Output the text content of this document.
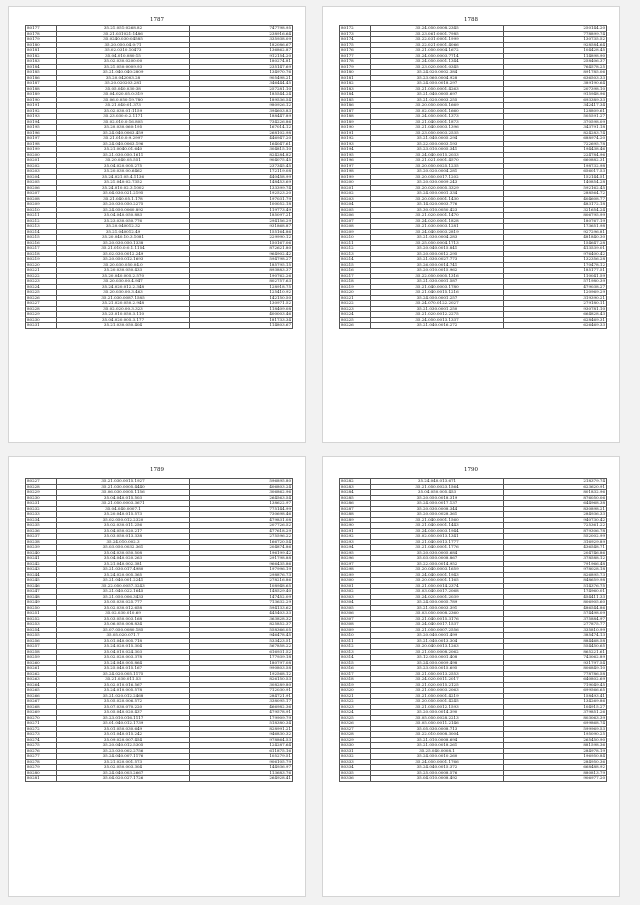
1787
80177	35.21.051:0268.82	747798.95
80178	35.21.031021:1486	238916.64
80179	35.0240.030:04585	335938.09
80180	35.20.050.04.0:71	182086.67
80181	35.02.0310.10473	136862.87
80182	35.04.010.080:15	912154.20
80183	35.02.030.0200:00	180274.81
80184	35.21.050:0009.93	235147.69
80185	35.21.040.040:2809	134970.76
80186	35.20.042003.28	905498.21
80187	35.20.020203.281	346444.45
80188	35.05.040.030:38	257281.10
80189	35.04.020.05.0:319	185544.24
80190	35.06.0.050:19.780	189536.54
80191	35.21.040:01.373	980926.12
80192	35.02.030.01:1159	394603.83
80193	35.23.030:0.2.1171	188447.89
80194	35.02.010.0:16.805	734226.86
80195	35.20.030.060:195	167014.12
80196	35.24.040.0063.459	268102.98
80197	35.21.010.0:9.2997	446947.20
80198	35.24.040.0063.196	164047.61
80199	35.21.0040.01.640	304815.10
80200	35.21.030.050.1611	824284.82
80201	35.20.040.05.551	904075.45
80202	35.04.020.005.275	237345.45
80203	35.20.030.00.6462	172119.08
80204	35.24.021.05.4.1136	440458.99
80205	35.21.040:02.7352	148453.69
80206	35.24.010.02.3.1002	133399.74
80207	35.04.030.021.2195	192523.20
80208	35.21.040.05.1.178	197031.79
80209	35.20.030.050.2275	100052.18
80210	35.24.050.0060.892	119773.49
80211	35.04.040.050.883	185097.21
80212	35.23.030.050.776	294156.29
80213	35.20.040012.32	931868.87
80214	35.21.040012.49	155164.86
80215	35.20.040.10.3.1081	229990.12
80216	35.20.030.050.1338	150167.06
80217	35.21.010.0:0.1.1154	872621.80
80218	35.02.030.0012.249	964902.42
80219	35.20.050.012.1693	594798.27
80220	35.20.030.050.04.0	185795.15
80221	35.20.030.050.433	893883.37
80222	35.20.040.005.2.570	190762.26
80223	35.20.030.00.4.947	802757.63
80224	35.24.020.012.2.348	128918.75
80225	35.20.030.00.3.463	125410.92
80226	35.21.030.0087.1585	142150.50
80227	35.21.020.050.2.948	130971.52
80228	35.02.020.00.3.323	118409.08
80229	35.23.010.050.3.110	400003.46
80230	35.04.020.005.3.177	181733.34
80231	35.21.030.050.404	114803.67
1788
80172	35.24.050.0008.2345	250144.20
80173	35.23.061:0001.7985	778899.74
80174	35.22.031:0001.1999	130735.52
80175	35.22.021:0001.4066	928584.64
80176	35.21.050.0004.1672	104428.45
80177	35.24.050.0003.7714	114898.90
80178	35.24.050.0001.1344	258406.37
80179	35.23.020.0001.0345	764578.25
80180	35.24.020.0002.384	891785.06
80181	35.23.060.0004.928	636503.33
80182	35.24.050.0018.297	389190.64
80183	35.21.050.0001.4263	207398.10
80184	35.21.040.0005.697	915948.96
80185	35.21.020.0003.255	693389.33
80186	35.20.050.0005.1669	342417.34
80187	35.02.050.0001.1660	128809.61
80188	35.24.050.0001.1373	505591.27
80189	35.21.040.0001.1873	370598.09
80190	35.21.040.0003.1396	343791.18
80191	35.23.050.0003.2535	824283.74
80192	35.21.040.0005.294	688974.20
80193	35.22.050.0003.193	722695.78
80194	35.23.010.0005.341	194438.46
80195	35.24.040.0015.2033	224784.96
80196	35.21.021.0001.4570	660882.31
80197	35.20.050.0025.1235	198732.98
80198	35.20.020.0004.281	656017.53
80199	35.20.050.0017.1202	152144.51
80200	35.20.030.0009.243	140854.28
80201	35.20.020.0005.3329	592162.45
80202	35.24.050.0001.334	288564.72
80203	35.20.050.0001.1430	404608.77
80204	35.14.020.0003.776	483172.18
80205	35.30.010.0050.423	321654.24
80206	35.21.020.0001.1470	806795.99
80207	35.24.020.0001.1828	180767.19
80208	35.21.030.0003.1281	173651.98
80209	35.24.040.0003.2819	927296.81
80210	35.21.030.0004.283	481840.30
80211	35.25.050.0004.1713	154647.28
80212	35.20.040.0015.841	413539.01
80213	35.20.050.0012.295	976400.42
80214	35.21.030.0027.773	132356.28
80215	35.26.050.0014.741	170478.12
80216	35.20.010.0015.962	185177.51
80217	35.22.050.0005.1316	110041.59
80218	35.21.030.0001.587	571980.39
80219	35.21.040.0003.1780	479038.27
80220	35.21.040.0015.1216	120969.29
80221	35.24.050.0001.257	319390.21
80222	35.24.070.0122.2027	279180.11
80223	35.21.030.0001.250	930781.10
80224	35.21.020.0012.2275	664828.43
80225	35.24.050.0013.1337	628469.31
80226	35.21.040.0016.272	626469.33
1789
80227	35.21.030.0015.1927	596895.80
80228	35.21.030.0005.4440	406803.24
80229	35.06.030.0005.1156	306862.96
80230	35.04.040.015.503	264563.54
80231	35.21.050.0003.3671	138622.97
80232	35.04.040.0007.1	775144.99
80233	35.20.040.015.573	730698.46
80234	35.02.050.012.2320	479831.08
80235	35.02.030.011.256	207726.52
80236	35.04.050.020.217	477618.29
80237	35.03.050.013.338	275596.22
80238	35.24.010.002.3	166720.54
80239	35.03.050.0032.361	204874.86
80240	35.04.030.050.508	196199.42
80241	35.04.040.020.263	291798.88
80242	35.21.040.002.381	966435.86
80243	35.21.030.017.4980	197996.19
80244	35.24.020.005.365	298876.73
80245	35.21.040.001.2241	278216.86
80246	35.22.050.0057.3243	108948.65
80247	35.21.040.022.1645	148529.40
80248	35.21.050.006.3433	147452.09
80249	35.05.030.025.777	713632.29
80250	35.02.030.012.658	594133.62
80251	35.02.030.010.69	445403.33
80252	35.03.050.003.168	363828.32
80253	35.06.050.008.834	825852.37
80254	35.07.050.0080.185	558366.05
80255	35.05.020.071.7	946478.45
80256	35.01.040.005.718	533423.51
80257	35.24.020.015.304	567858.22
80258	35.04.010.024.303	616931.52
80259	35.02.020.003.378	177939.18
80260	35.24.040.005.864	180797.08
80261	35.25.040.015.167	990803.58
80262	35.24.020.005.1175	192568.12
80263	35.21.030.011.53	826150.53
80264	35.02.010.016.567	308289.80
80265	35.24.010.005.578	712030.91
80266	35.21.020.012.2468	284721.91
80267	35.05.020.006.572	338095.17
80268	35.07.030.070.220	466982.36
80269	35.05.040.020.437	479578.91
80270	35.23.010.016.1117	179909.79
80271	35.01.040.012.1739	518380.34
80272	35.01.050.030.649	828991.21
80273	35.01.040.015.242	946830.32
80274	35.09.020.007.454	978864.53
80275	35.20.040.012.5305	124287.64
80276	35.23.030.002.2756	611875.16
80277	35.24.040.007.1176	105279.51
80278	35.21.020.001.573	906105.79
80279	35.02.050.003.304	144936.97
80280	35.24.040.003.2667	113683.76
80281	35.04.020.027.1726	264928.41
1790
80282	35.24.040.013.671	218379.74
80283	35.21.050.0023.1564	623620.91
80284	35.04.050.005.453	801832.96
80285	35.20.050.0018.319	876050.06
80286	35.24.050.0017.137	644968.38
80287	35.20.030.0008.344	830898.21
80288	35.20.050.0028.361	284936.33
80289	35.21.040.0001.1560	940730.42
80290	35.21.040.0001.1443	725361.22
80291	35.24.050.0003.1944	879306.78
80292	35.02.050.0013.1341	552002.99
80293	35.21.040.0013.1777	316929.89
80294	35.21.040.0001.1776	436548.71
80295	35.20.030.0005.684	204746.86
80296	35.03.050.0008.867	378588.12
80297	35.22.050.0014.952	791966.48
80298	35.20.040.0003.1659	978028.18
80299	35.24.040.0001.1943	826895.73
80300	35.20.050.0001.1165	848659.98
80301	35.21.050.0014.2374	514376.75
80302	35.03.040.0017.2068	174960.01
80303	35.24.020.0001.2039	454411.33
80304	35.24.050.0005.789	806905.60
80305	35.21.050.0003.391	486544.86
80306	35.03.050.0008.2360	574498.09
80307	35.21.040.0015.3176	375884.97
80308	35.24.040.0017.1537	277875.77
80309	35.21.050.0007.2556	335810.99
80310	35.20.040.0001.499	385474.13
80311	35.21.040.0013.304	884468.58
80312	35.20.040.0013.1263	554450.65
80313	35.21.050.0008.2062	865221.61
80314	35.12.050.0001.408	743062.89
80315	35.24.050.0009.498	931797.54
80316	35.23.050.0015.695	806849.10
80317	35.21.050.0013.2553	778786.58
80318	35.24.020.0011.2017	640802.69
80319	35.21.020.0015.2125	719049.45
80320	35.21.050.0003.2063	699566.65
80321	35.21.050.0001.4219	158493.41
80322	35.20.050.0001.4245	134269.86
80323	35.21.050.0012.1593	104915.27
80324	35.20.050.0014.390	379851.26
80325	35.05.050.0028.2213	803063.39
80326	35.05.050.0011.2146	699868.74
80327	35.05.030.0008.713	599969.53
80328	35.22.010.0008.3004	195090.25
80329	35.21.010.0008.694	265450.90
80330	35.21.050.0018.261	881598.36
80331	35.25.040.0008.1	284978.19
80332	35.24.050.0010.260	196950.84
80333	35.24.050.0001.1766	284950.36
80334	35.24.040.0015.372	668488.92
80335	35.25.050.0008.576	880813.79
80336	35.04.010.0008.492	906977.20
